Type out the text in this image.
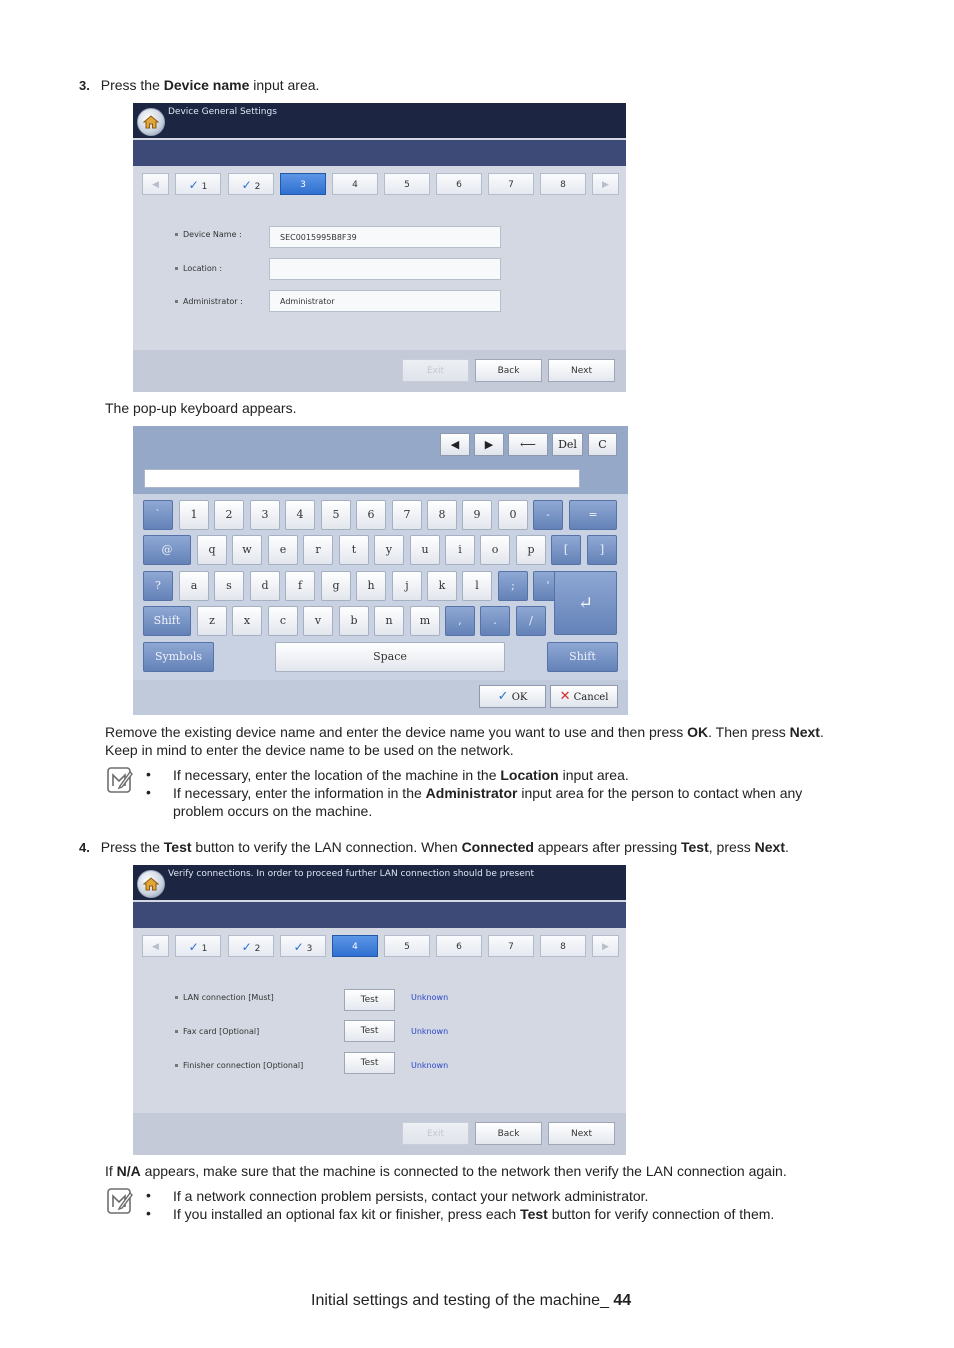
3. Press the Device name input area.
Device General Settings
◀	✓ 1	✓ 2	3	4	5	6	7	8	▶
Device Name :	SEC0015995B8F39
Location :
Administrator :	Administrator
Exit	Back	Next
The pop-up keyboard appears.
◀	▶	⟵	Del	C
`	1	2	3	4	5	6	7	8	9	0	-	=
@	q	w	e	r	t	y	u	i	o	p	[	]
?	a	s	d	f	g	h	j	k	l	;	'
↵
Shift	z	x	c	v	b	n	m	,	.	/
Symbols	Space	Shift
✓ OK	✕ Cancel
Remove the existing device name and enter the device name you want to use and then press OK. Then press Next.
Keep in mind to enter the device name to be used on the network.
• If necessary, enter the location of the machine in the Location input area.
• If necessary, enter the information in the Administrator input area for the person to contact when any
problem occurs on the machine.
4. Press the Test button to verify the LAN connection. When Connected appears after pressing Test, press Next.
Verify connections. In order to proceed further LAN connection should be present
◀	✓ 1	✓ 2	✓ 3	4	5	6	7	8	▶
LAN connection [Must]	Test	Unknown
Fax card [Optional]	Test	Unknown
Finisher connection [Optional]	Test	Unknown
Exit	Back	Next
If N/A appears, make sure that the machine is connected to the network then verify the LAN connection again.
• If a network connection problem persists, contact your network administrator.
• If you installed an optional fax kit or finisher, press each Test button for verify connection of them.
Initial settings and testing of the machine_ 44
